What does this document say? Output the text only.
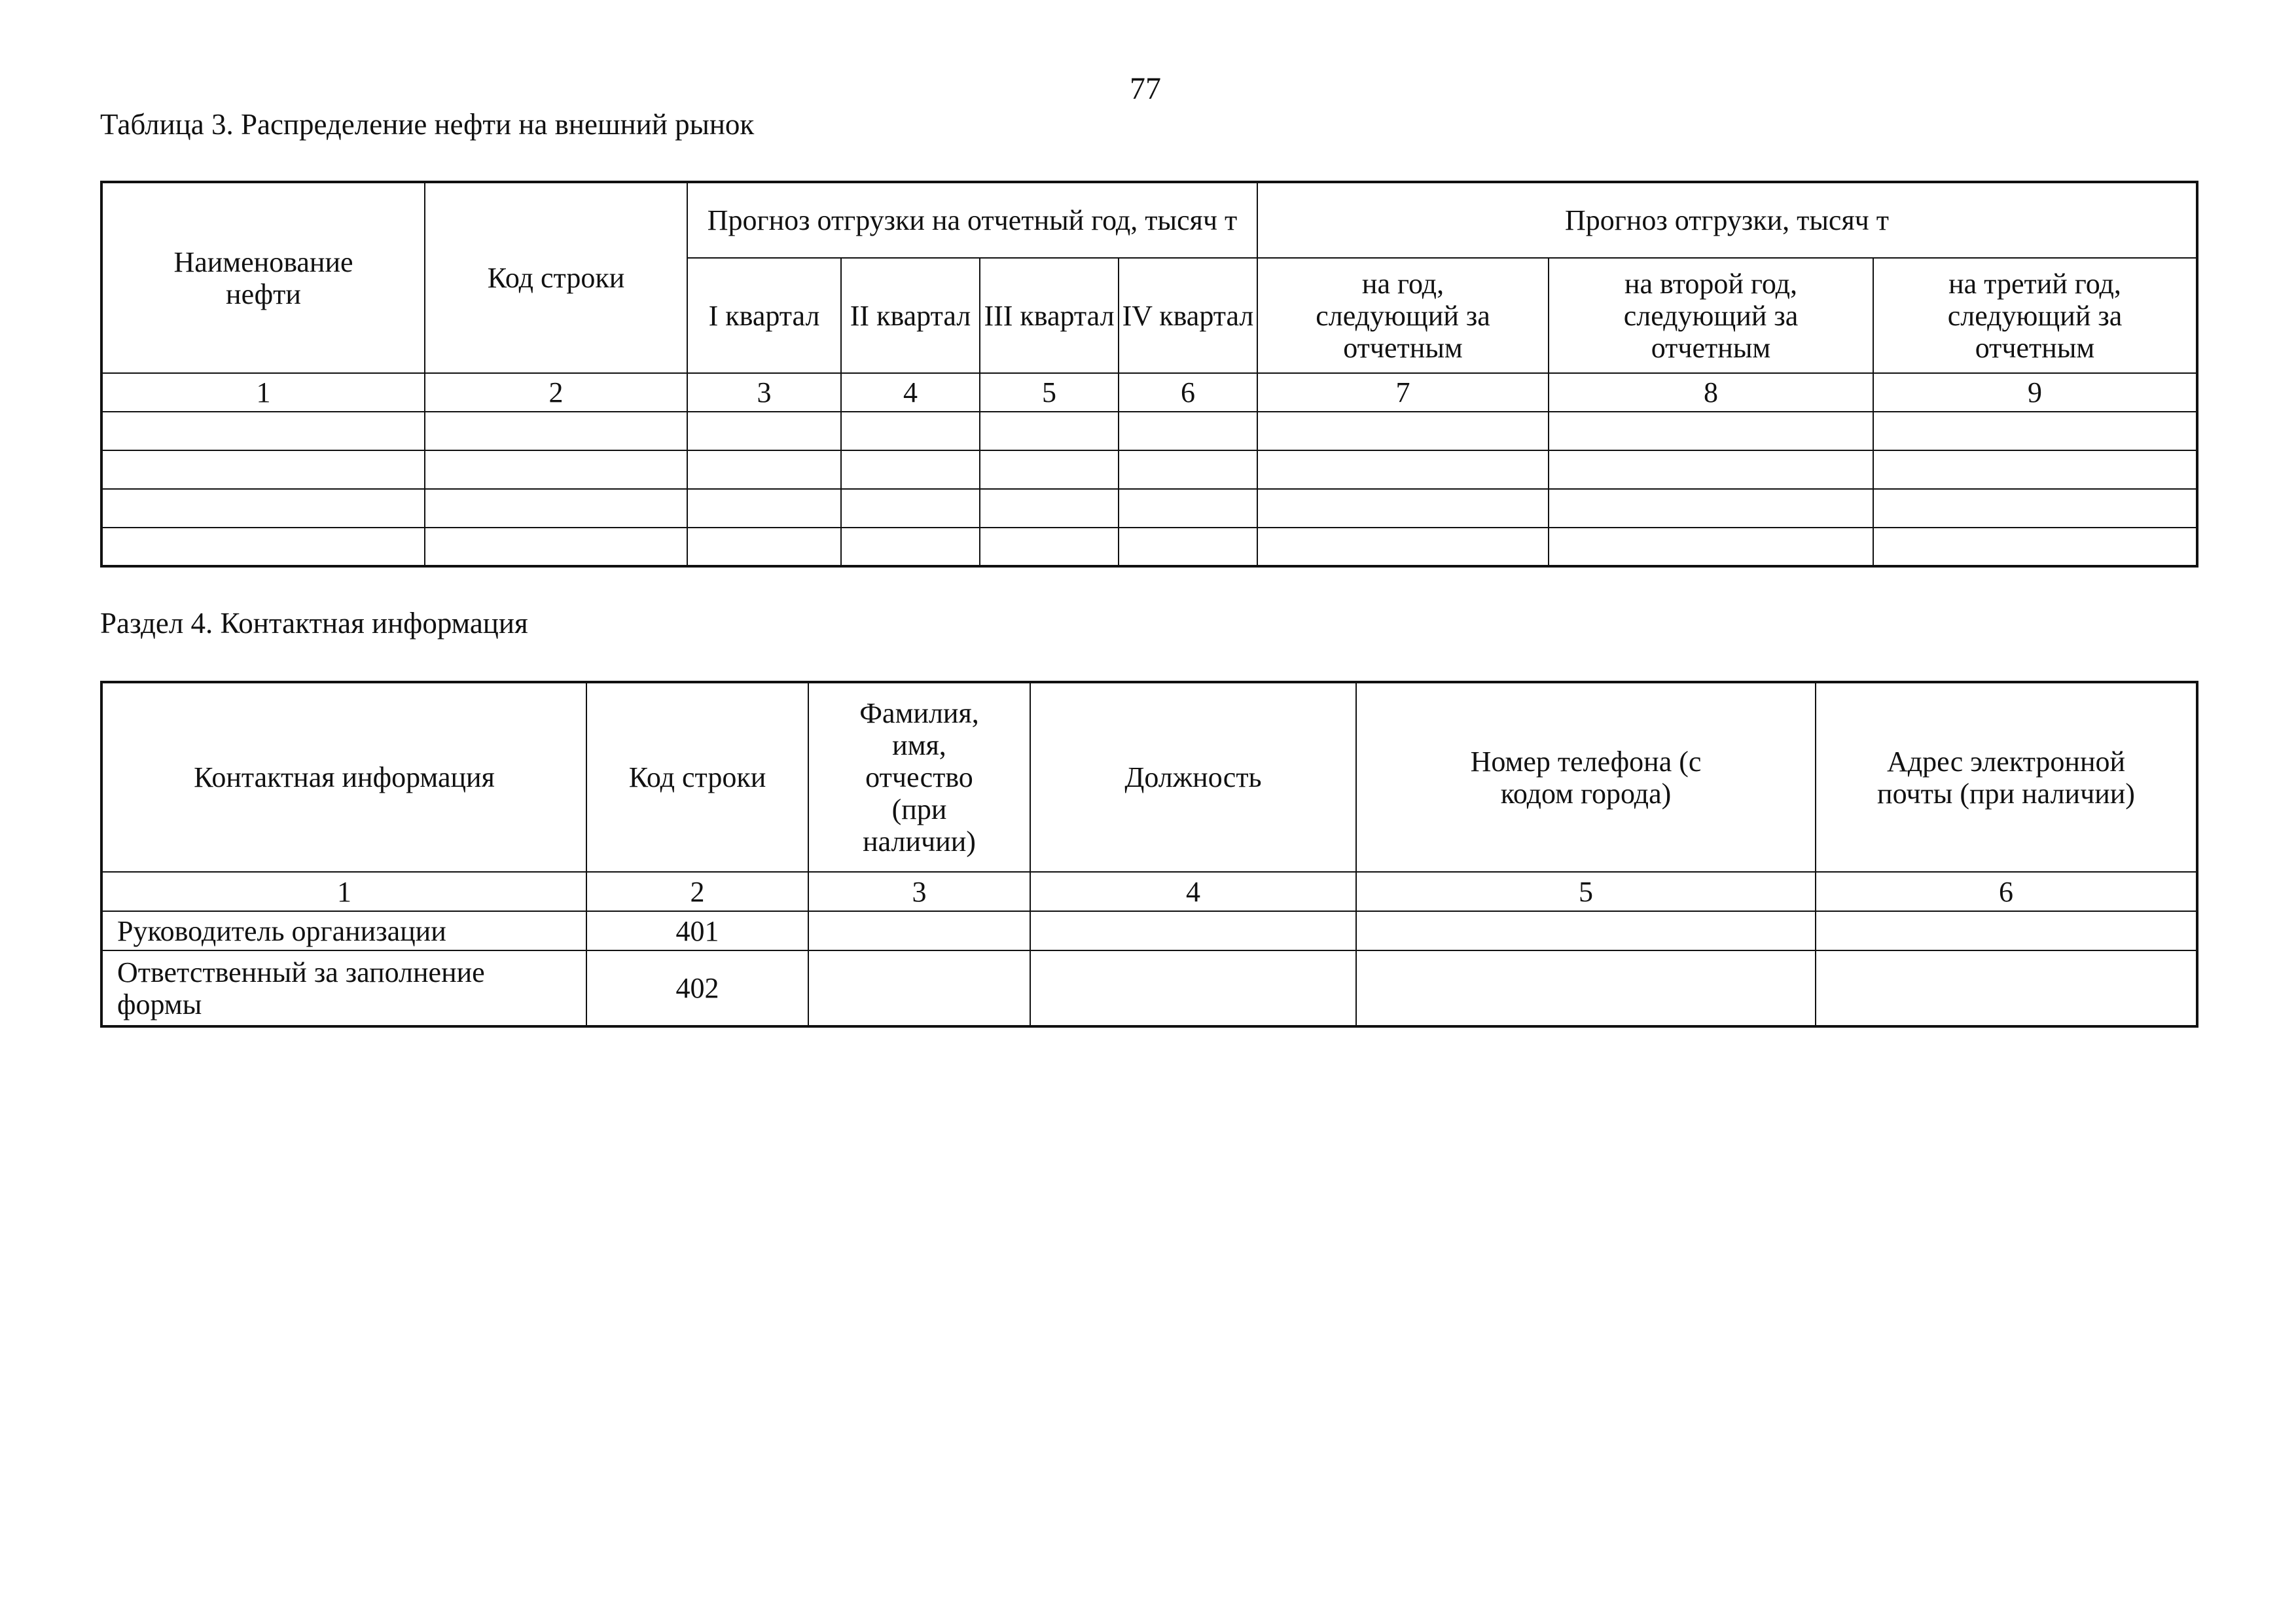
77
Таблица 3. Распределение нефти на внешний рынок
Наименование нефти	Код строки	Прогноз отгрузки на отчетный год, тысяч т				Прогноз отгрузки, тысяч т		
		I квартал	II квартал	III квартал	IV квартал	на год, следующий за отчетным	на второй год, следующий за отчетным	на третий год, следующий за отчетным
1	2	3	4	5	6	7	8	9

Раздел 4. Контактная информация
Контактная информация	Код строки	Фамилия, имя, отчество (при наличии)	Должность	Номер телефона (с кодом города)	Адрес электронной почты (при наличии)
1	2	3	4	5	6
Руководитель организации	401				
Ответственный за заполнение формы	402				
